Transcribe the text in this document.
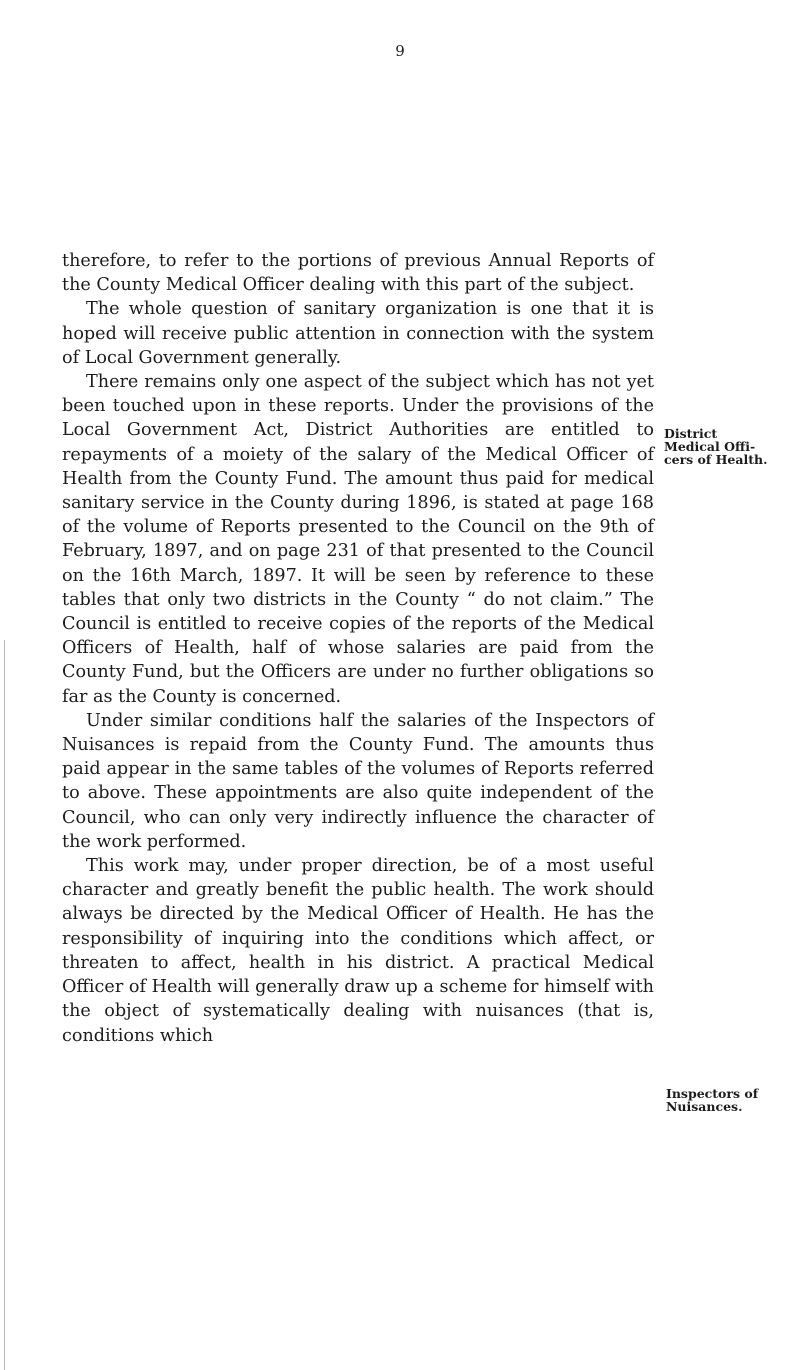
9

therefore, to refer to the portions of previous Annual Reports of the County Medical Officer dealing with this part of the subject.

The whole question of sanitary organization is one that it is hoped will receive public attention in connection with the system of Local Government generally.

There remains only one aspect of the subject which has not yet been touched upon in these reports. Under the provisions of the Local Government Act, District Authorities are entitled to repayments of a moiety of the salary of the Medical Officer of Health from the County Fund. The amount thus paid for medical sanitary service in the County during 1896, is stated at page 168 of the volume of Reports presented to the Council on the 9th of February, 1897, and on page 231 of that presented to the Council on the 16th March, 1897. It will be seen by reference to these tables that only two districts in the County “ do not claim.” The Council is entitled to receive copies of the reports of the Medical Officers of Health, half of whose salaries are paid from the County Fund, but the Officers are under no further obligations so far as the County is concerned.

Under similar conditions half the salaries of the Inspectors of Nuisances is repaid from the County Fund. The amounts thus paid appear in the same tables of the volumes of Reports referred to above. These appointments are also quite independent of the Council, who can only very indirectly influence the character of the work performed.

This work may, under proper direction, be of a most useful character and greatly benefit the public health. The work should always be directed by the Medical Officer of Health. He has the responsibility of inquiring into the conditions which affect, or threaten to affect, health in his district. A practical Medical Officer of Health will generally draw up a scheme for himself with the object of systematically dealing with nuisances (that is, conditions which

District
Medical Offi-
cers of Health.
Inspectors of
Nuisances.
